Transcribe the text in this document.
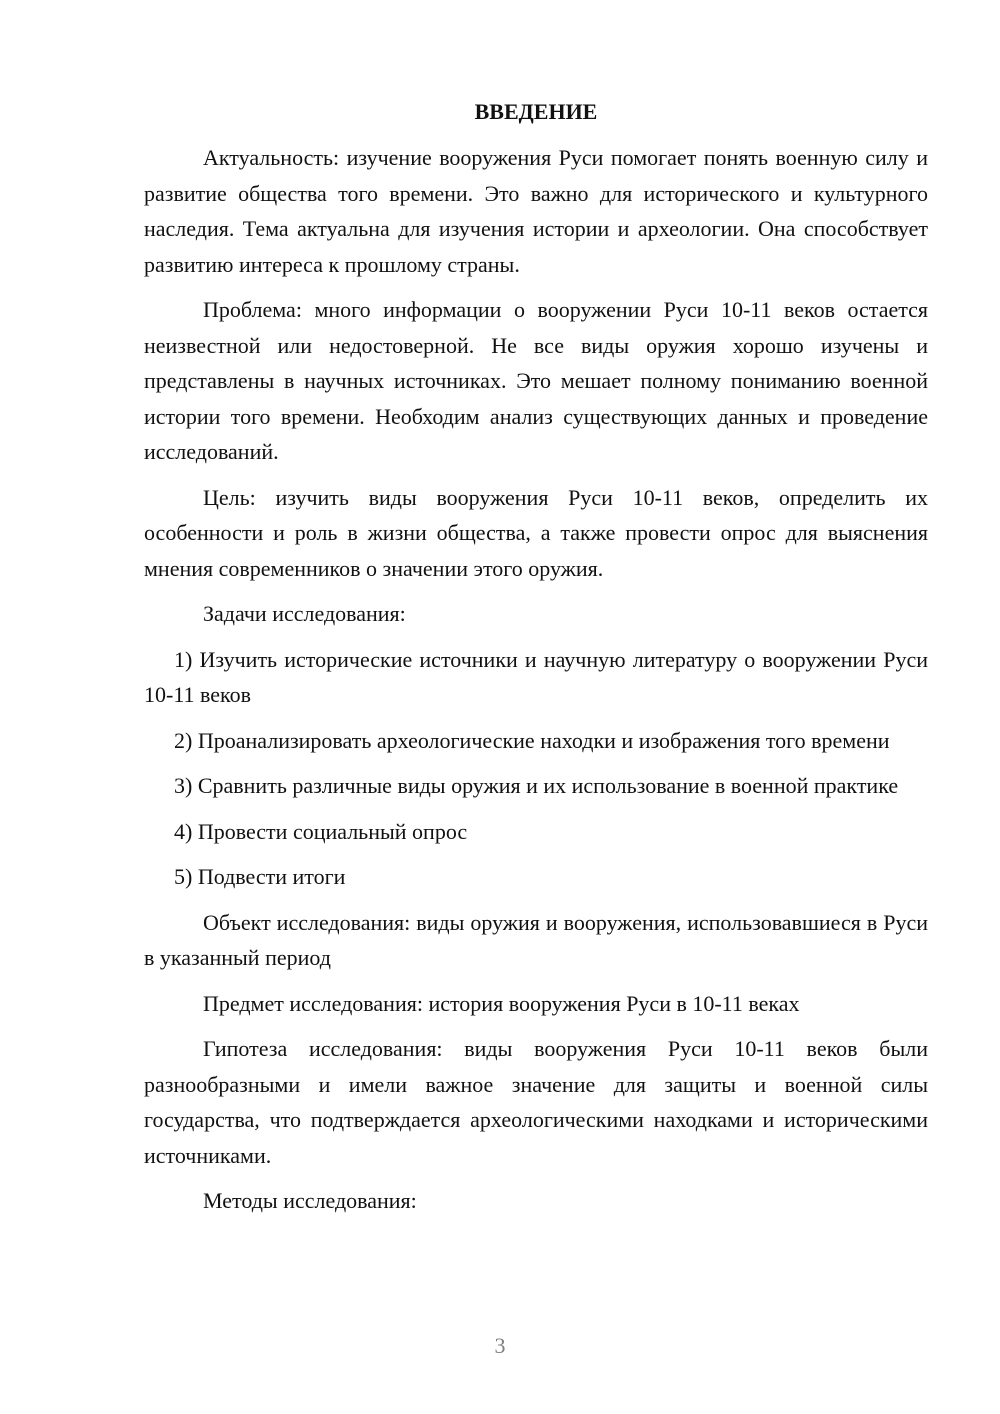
ВВЕДЕНИЕ

Актуальность: изучение вооружения Руси помогает понять военную силу и развитие общества того времени. Это важно для исторического и культурного наследия. Тема актуальна для изучения истории и археологии. Она способствует развитию интереса к прошлому страны.

Проблема: много информации о вооружении Руси 10-11 веков остается неизвестной или недостоверной. Не все виды оружия хорошо изучены и представлены в научных источниках. Это мешает полному пониманию военной истории того времени. Необходим анализ существующих данных и проведение исследований.

Цель: изучить виды вооружения Руси 10-11 веков, определить их особенности и роль в жизни общества, а также провести опрос для выяснения мнения современников о значении этого оружия.

Задачи исследования:

1) Изучить исторические источники и научную литературу о вооружении Руси 10-11 веков

2) Проанализировать археологические находки и изображения того времени

3) Сравнить различные виды оружия и их использование в военной практике

4) Провести социальный опрос

5) Подвести итоги

Объект исследования: виды оружия и вооружения, использовавшиеся в Руси в указанный период

Предмет исследования: история вооружения Руси в 10-11 веках

Гипотеза исследования: виды вооружения Руси 10-11 веков были разнообразными и имели важное значение для защиты и военной силы государства, что подтверждается археологическими находками и историческими источниками.

Методы исследования:

3
